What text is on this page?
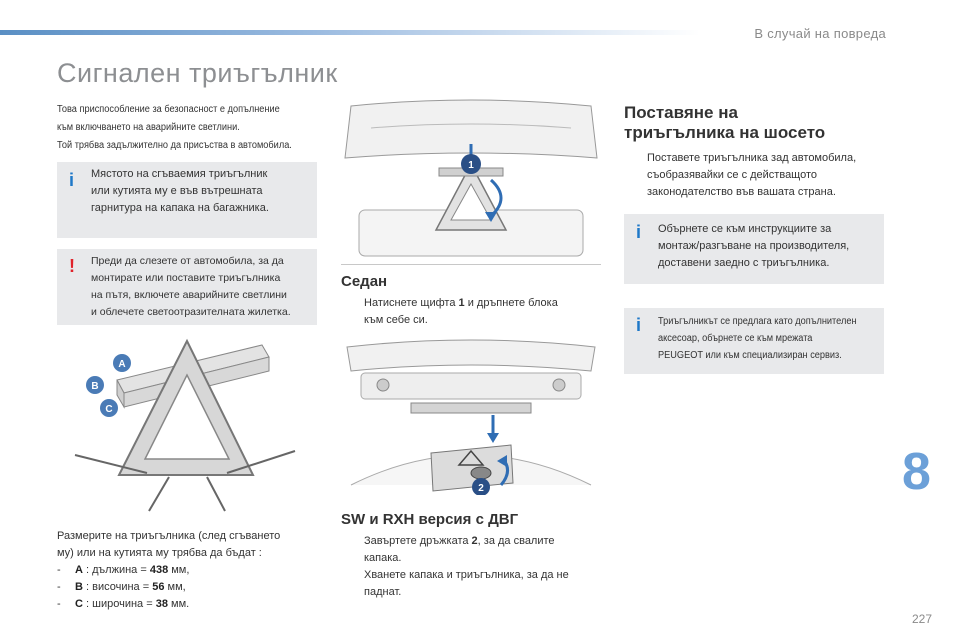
В случай на повреда
Сигнален триъгълник
Това приспособление за безопасност е допълнение
към включването на аварийните светлини.
Той трябва задължително да присъства в автомобила.
i Мястото на сгъваемия триъгълник
или кутията му е във вътрешната
гарнитура на капака на багажника.
! Преди да слезете от автомобила, за да
монтирате или поставите триъгълника
на пътя, включете аварийните светлини
и облечете светоотразителната жилетка.
A
B
C
Размерите на триъгълника (след сгъването
му) или на кутията му трябва да бъдат :
- A : дължина = 438 мм,
- B : височина = 56 мм,
- C : широчина = 38 мм.
1
Седан
Натиснете щифта 1 и дръпнете блока
към себе си.
2
SW и RXH версия с ДВГ
Завъртете дръжката 2, за да свалите
капака.
Хванете капака и триъгълника, за да не
паднат.
Поставяне на
триъгълника на шосето
Поставете триъгълника зад автомобила,
съобразявайки се с действащото
законодателство във вашата страна.
i Обърнете се към инструкциите за
монтаж/разгъване на производителя,
доставени заедно с триъгълника.
i Триъгълникът се предлага като допълнителен
аксесоар, обърнете се към мрежата
PEUGEOT или към специализиран сервиз.
8
227
